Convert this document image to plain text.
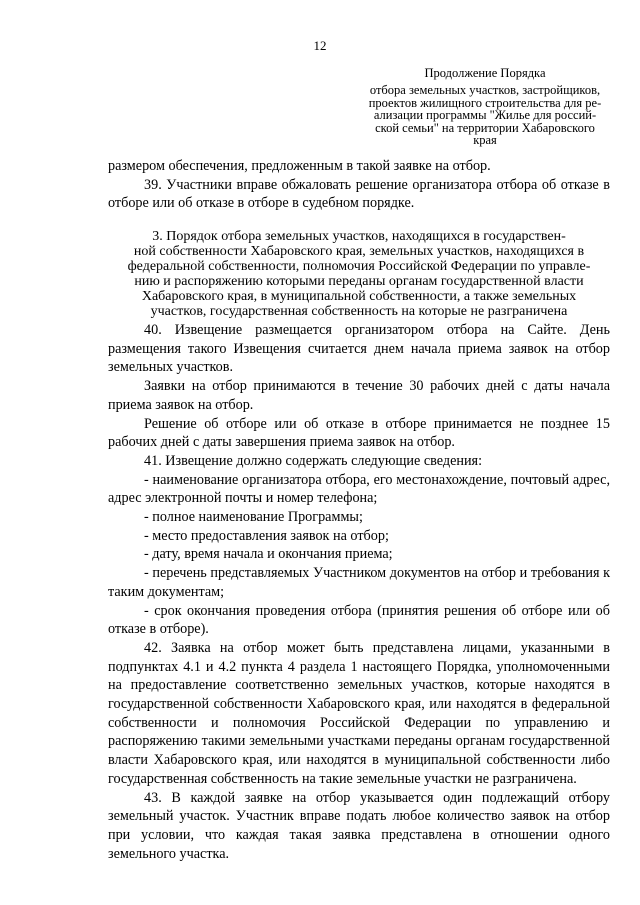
12
Продолжение Порядка
отбора земельных участков, застройщиков,
проектов жилищного строительства для ре-
ализации программы "Жилье для россий-
ской семьи" на территории Хабаровского
края

размером обеспечения, предложенным в такой заявке на отбор.

39. Участники вправе обжаловать решение организатора отбора об отказе в отборе или об отказе в отборе в судебном порядке.

3. Порядок отбора земельных участков, находящихся в государствен-
ной собственности Хабаровского края, земельных участков, находящихся в
федеральной собственности, полномочия Российской Федерации по управле-
нию и распоряжению которыми переданы органам государственной власти
Хабаровского края, в муниципальной собственности, а также земельных
участков, государственная собственность на которые не разграничена

40. Извещение размещается организатором отбора на Сайте. День размещения такого Извещения считается днем начала приема заявок на отбор земельных участков.

Заявки на отбор принимаются в течение 30 рабочих дней с даты начала приема заявок на отбор.

Решение об отборе или об отказе в отборе принимается не позднее 15 рабочих дней с даты завершения приема заявок на отбор.

41. Извещение должно содержать следующие сведения:

- наименование организатора отбора, его местонахождение, почтовый адрес, адрес электронной почты и номер телефона;

- полное наименование Программы;

- место предоставления заявок на отбор;

- дату, время начала и окончания приема;

- перечень представляемых Участником документов на отбор и требования к таким документам;

- срок окончания проведения отбора (принятия решения об отборе или об отказе в отборе).

42. Заявка на отбор может быть представлена лицами, указанными в подпунктах 4.1 и 4.2 пункта 4 раздела 1 настоящего Порядка, уполномоченными на предоставление соответственно земельных участков, которые находятся в государственной собственности Хабаровского края, или находятся в федеральной собственности и полномочия Российской Федерации по управлению и распоряжению такими земельными участками переданы органам государственной власти Хабаровского края, или находятся в муниципальной собственности либо государственная собственность на такие земельные участки не разграничена.

43. В каждой заявке на отбор указывается один подлежащий отбору земельный участок. Участник вправе подать любое количество заявок на отбор при условии, что каждая такая заявка представлена в отношении одного земельного участка.
